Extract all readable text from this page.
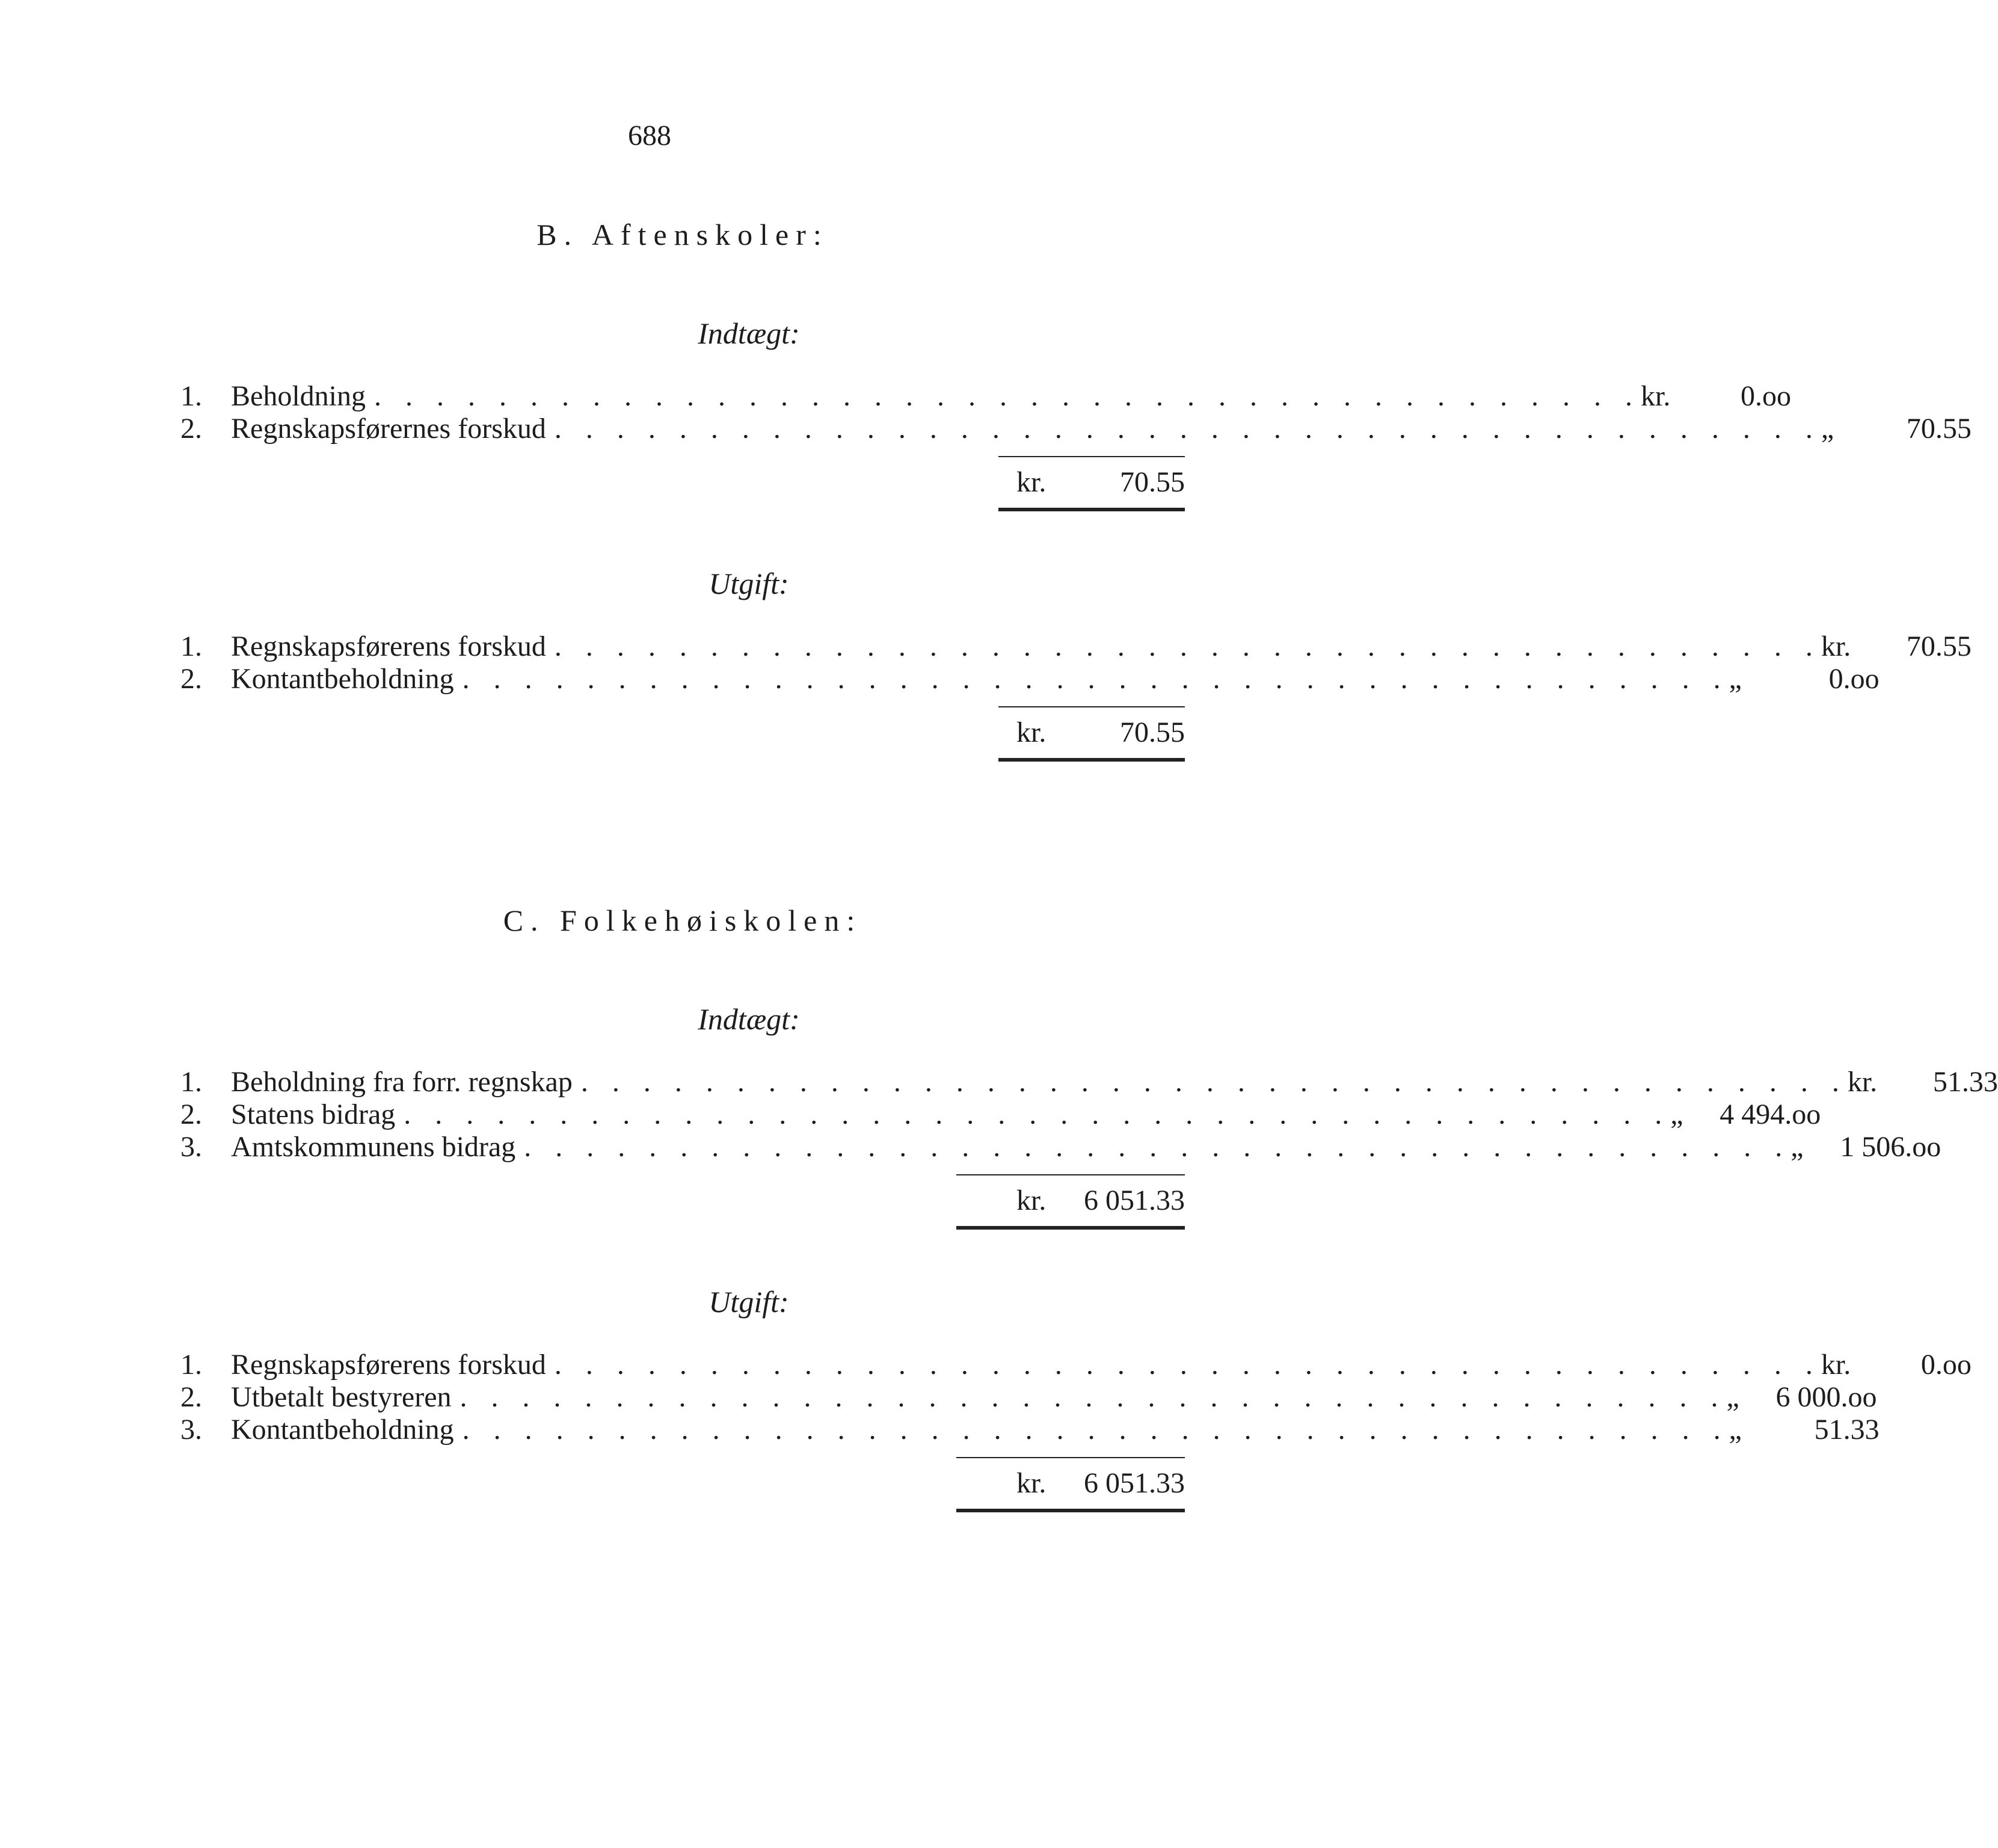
688
B. Aftenskoler:
Indtægt:
1.	Beholdning . . . . . . . . . . . . . . . . . . . . . . . . . . . . . . . . . . . . . . . . . kr.	0.oo
2.	Regnskapsførernes forskud . . . . . . . . . . . . . . . . . . . . . . . . . . . . . . . . . . . . . . . . . „	70.55
kr.	70.55
Utgift:
1.	Regnskapsførerens forskud . . . . . . . . . . . . . . . . . . . . . . . . . . . . . . . . . . . . . . . . . kr.	70.55
2.	Kontantbeholdning . . . . . . . . . . . . . . . . . . . . . . . . . . . . . . . . . . . . . . . . . „	0.oo
kr.	70.55
C. Folkehøiskolen:
Indtægt:
1.	Beholdning fra forr. regnskap . . . . . . . . . . . . . . . . . . . . . . . . . . . . . . . . . . . . . . . . . kr.	51.33
2.	Statens bidrag . . . . . . . . . . . . . . . . . . . . . . . . . . . . . . . . . . . . . . . . . „	4 494.oo
3.	Amtskommunens bidrag . . . . . . . . . . . . . . . . . . . . . . . . . . . . . . . . . . . . . . . . . „	1 506.oo
kr.	6 051.33
Utgift:
1.	Regnskapsførerens forskud . . . . . . . . . . . . . . . . . . . . . . . . . . . . . . . . . . . . . . . . . kr.	0.oo
2.	Utbetalt bestyreren . . . . . . . . . . . . . . . . . . . . . . . . . . . . . . . . . . . . . . . . . „	6 000.oo
3.	Kontantbeholdning . . . . . . . . . . . . . . . . . . . . . . . . . . . . . . . . . . . . . . . . . „	51.33
kr.	6 051.33
